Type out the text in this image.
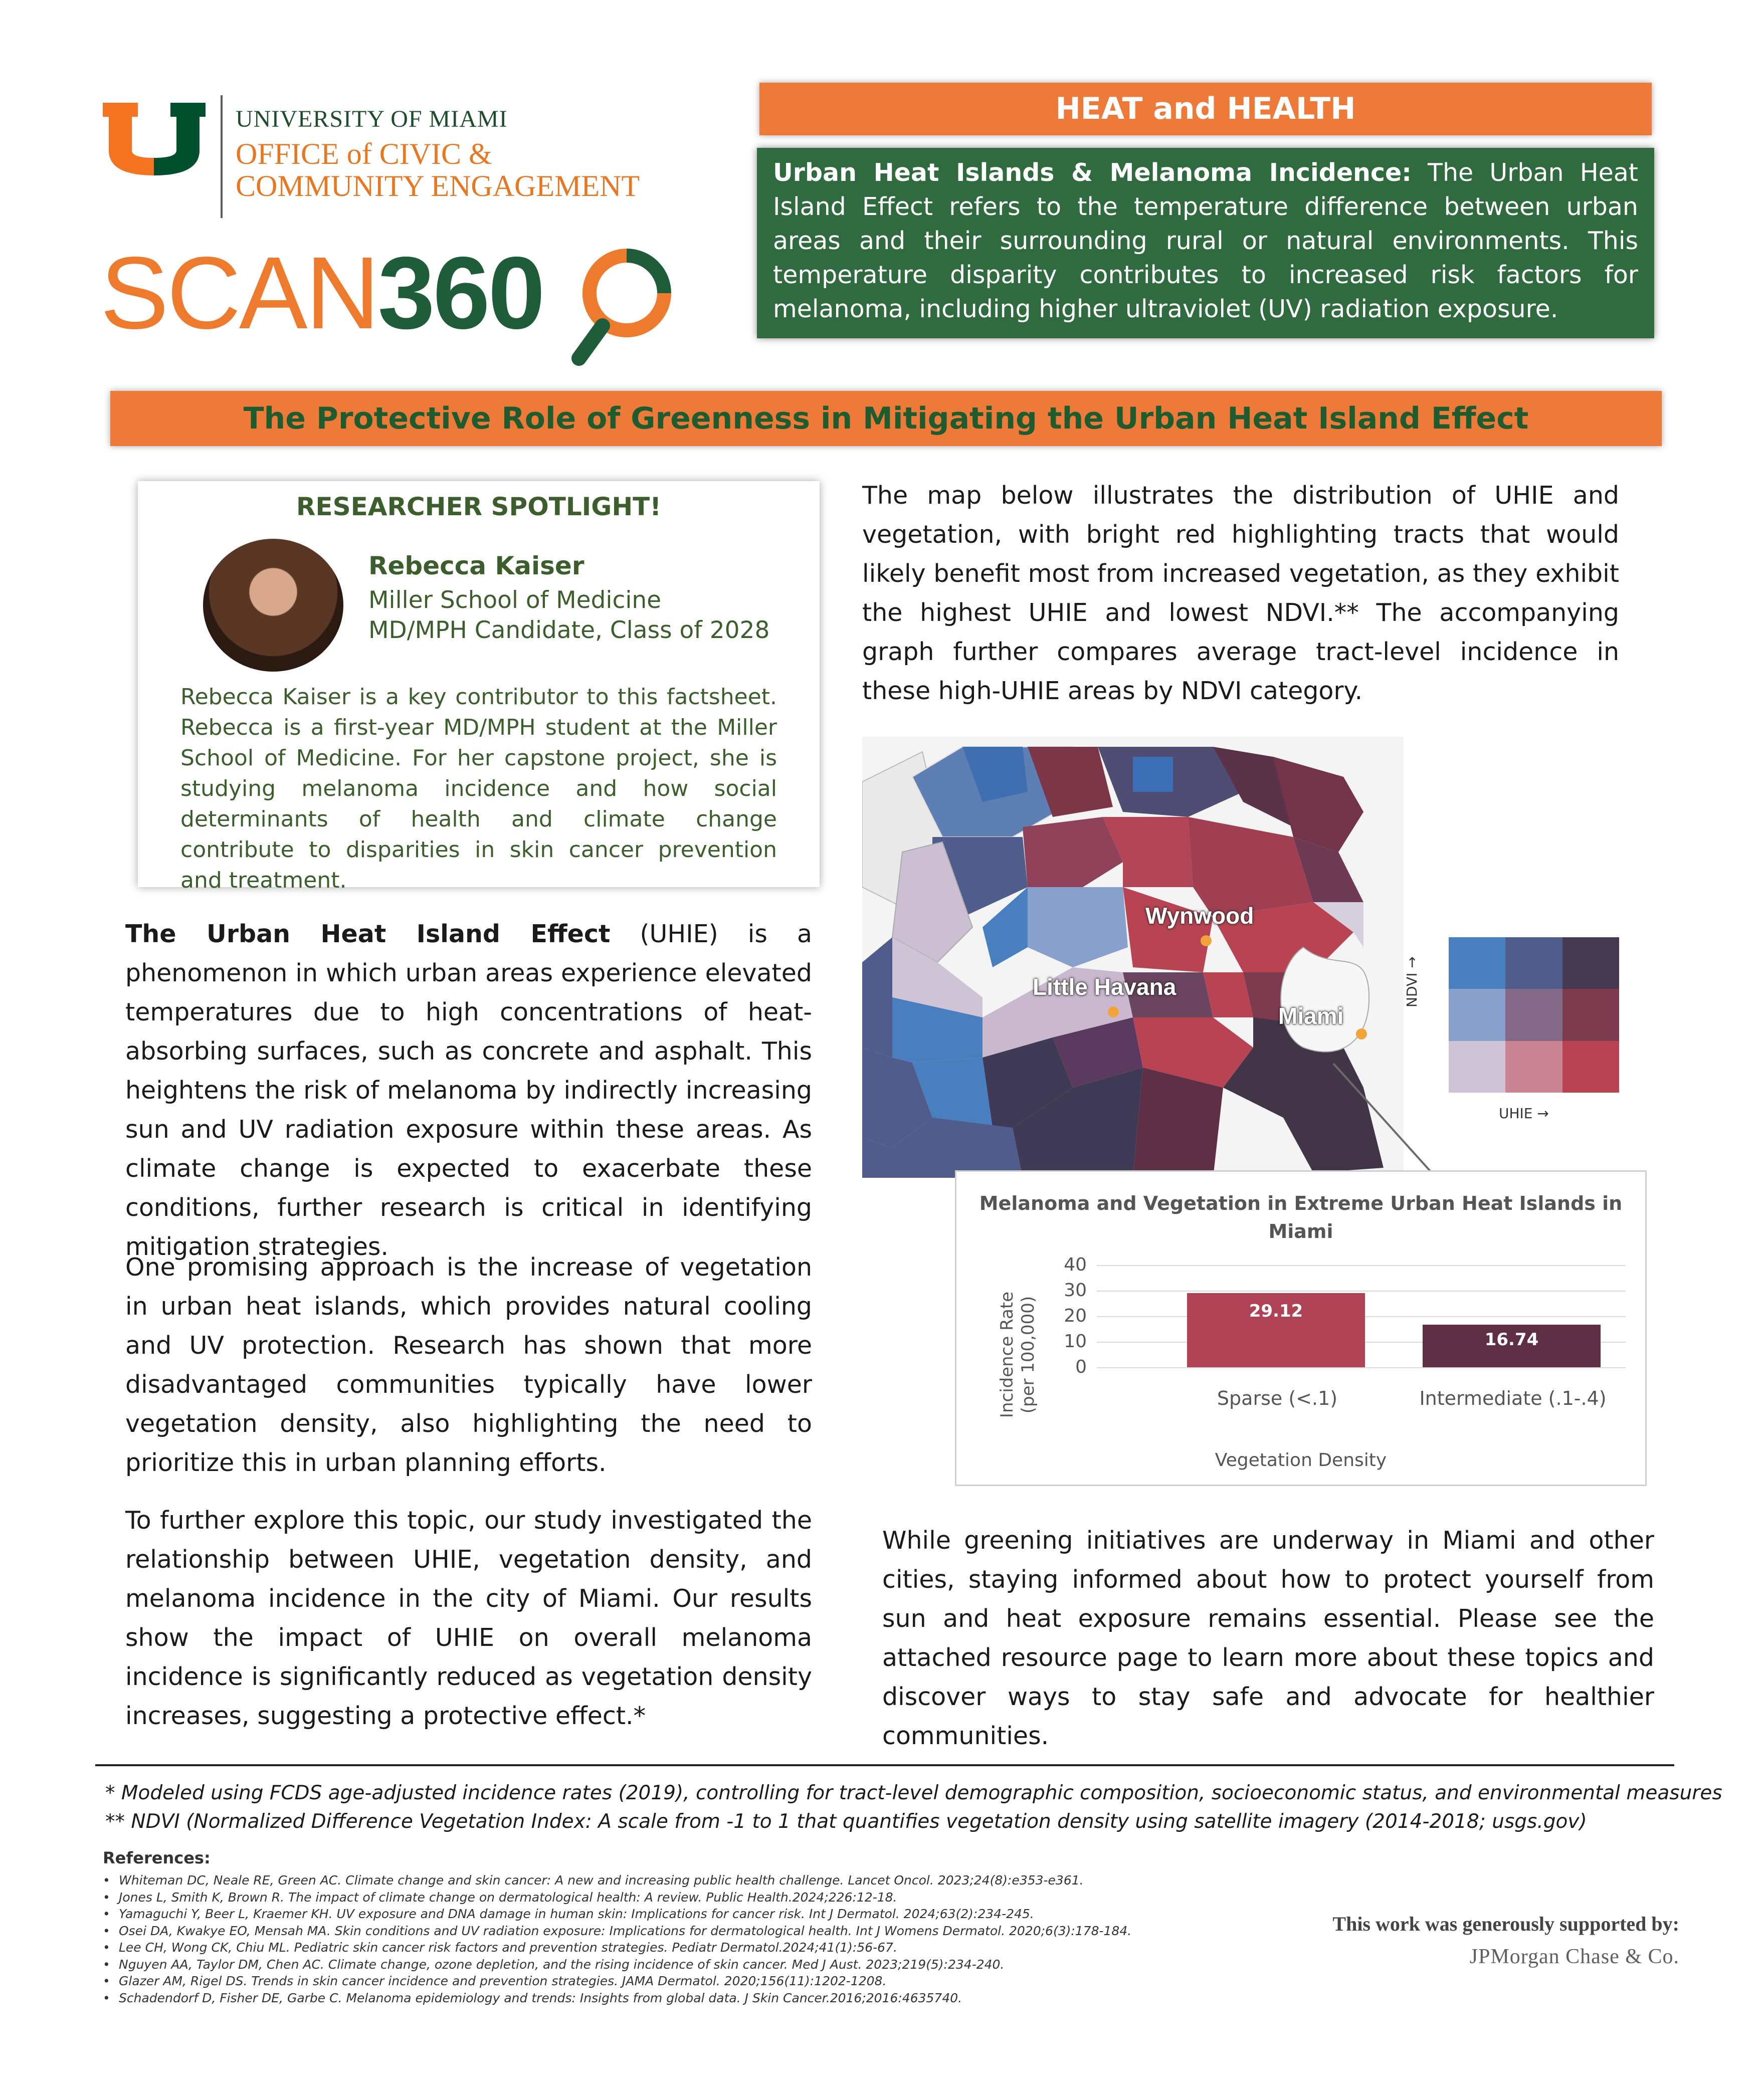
UNIVERSITY OF MIAMI
OFFICE of CIVIC &
COMMUNITY ENGAGEMENT
SCAN360
HEAT and HEALTH
Urban Heat Islands & Melanoma Incidence: The Urban Heat Island Effect refers to the temperature difference between urban areas and their surrounding rural or natural environments. This temperature disparity contributes to increased risk factors for melanoma, including higher ultraviolet (UV) radiation exposure.
The Protective Role of Greenness in Mitigating the Urban Heat Island Effect
RESEARCHER SPOTLIGHT!
Rebecca Kaiser
Miller School of Medicine
MD/MPH Candidate, Class of 2028
Rebecca Kaiser is a key contributor to this factsheet. Rebecca is a first-year MD/MPH student at the Miller School of Medicine. For her capstone project, she is studying melanoma incidence and how social determinants of health and climate change contribute to disparities in skin cancer prevention and treatment.
The Urban Heat Island Effect (UHIE) is a phenomenon in which urban areas experience elevated temperatures due to high concentrations of heat-absorbing surfaces, such as concrete and asphalt. This heightens the risk of melanoma by indirectly increasing sun and UV radiation exposure within these areas. As climate change is expected to exacerbate these conditions, further research is critical in identifying mitigation strategies.
One promising approach is the increase of vegetation in urban heat islands, which provides natural cooling and UV protection. Research has shown that more disadvantaged communities typically have lower vegetation density, also highlighting the need to prioritize this in urban planning efforts.
To further explore this topic, our study investigated the relationship between UHIE, vegetation density, and melanoma incidence in the city of Miami. Our results show the impact of UHIE on overall melanoma incidence is significantly reduced as vegetation density increases, suggesting a protective effect.*
The map below illustrates the distribution of UHIE and vegetation, with bright red highlighting tracts that would likely benefit most from increased vegetation, as they exhibit the highest UHIE and lowest NDVI.** The accompanying graph further compares average tract-level incidence in these high-UHIE areas by NDVI category.
Wynwood
Little Havana
Miami
NDVI →
UHIE →
Melanoma and Vegetation in Extreme Urban Heat Islands in Miami
Incidence Rate (per 100,000)
40
30
20
10
0
29.12
16.74
Sparse (<.1)	Intermediate (.1-.4)
Vegetation Density
While greening initiatives are underway in Miami and other cities, staying informed about how to protect yourself from sun and heat exposure remains essential. Please see the attached resource page to learn more about these topics and discover ways to stay safe and advocate for healthier communities.
* Modeled using FCDS age-adjusted incidence rates (2019), controlling for tract-level demographic composition, socioeconomic status, and environmental measures
** NDVI (Normalized Difference Vegetation Index: A scale from -1 to 1 that quantifies vegetation density using satellite imagery (2014-2018; usgs.gov)
References:
• Whiteman DC, Neale RE, Green AC. Climate change and skin cancer: A new and increasing public health challenge. Lancet Oncol. 2023;24(8):e353-e361.
• Jones L, Smith K, Brown R. The impact of climate change on dermatological health: A review. Public Health.2024;226:12-18.
• Yamaguchi Y, Beer L, Kraemer KH. UV exposure and DNA damage in human skin: Implications for cancer risk. Int J Dermatol. 2024;63(2):234-245.
• Osei DA, Kwakye EO, Mensah MA. Skin conditions and UV radiation exposure: Implications for dermatological health. Int J Womens Dermatol. 2020;6(3):178-184.
• Lee CH, Wong CK, Chiu ML. Pediatric skin cancer risk factors and prevention strategies. Pediatr Dermatol.2024;41(1):56-67.
• Nguyen AA, Taylor DM, Chen AC. Climate change, ozone depletion, and the rising incidence of skin cancer. Med J Aust. 2023;219(5):234-240.
• Glazer AM, Rigel DS. Trends in skin cancer incidence and prevention strategies. JAMA Dermatol. 2020;156(11):1202-1208.
• Schadendorf D, Fisher DE, Garbe C. Melanoma epidemiology and trends: Insights from global data. J Skin Cancer.2016;2016:4635740.
This work was generously supported by:
JPMorgan Chase & Co.
